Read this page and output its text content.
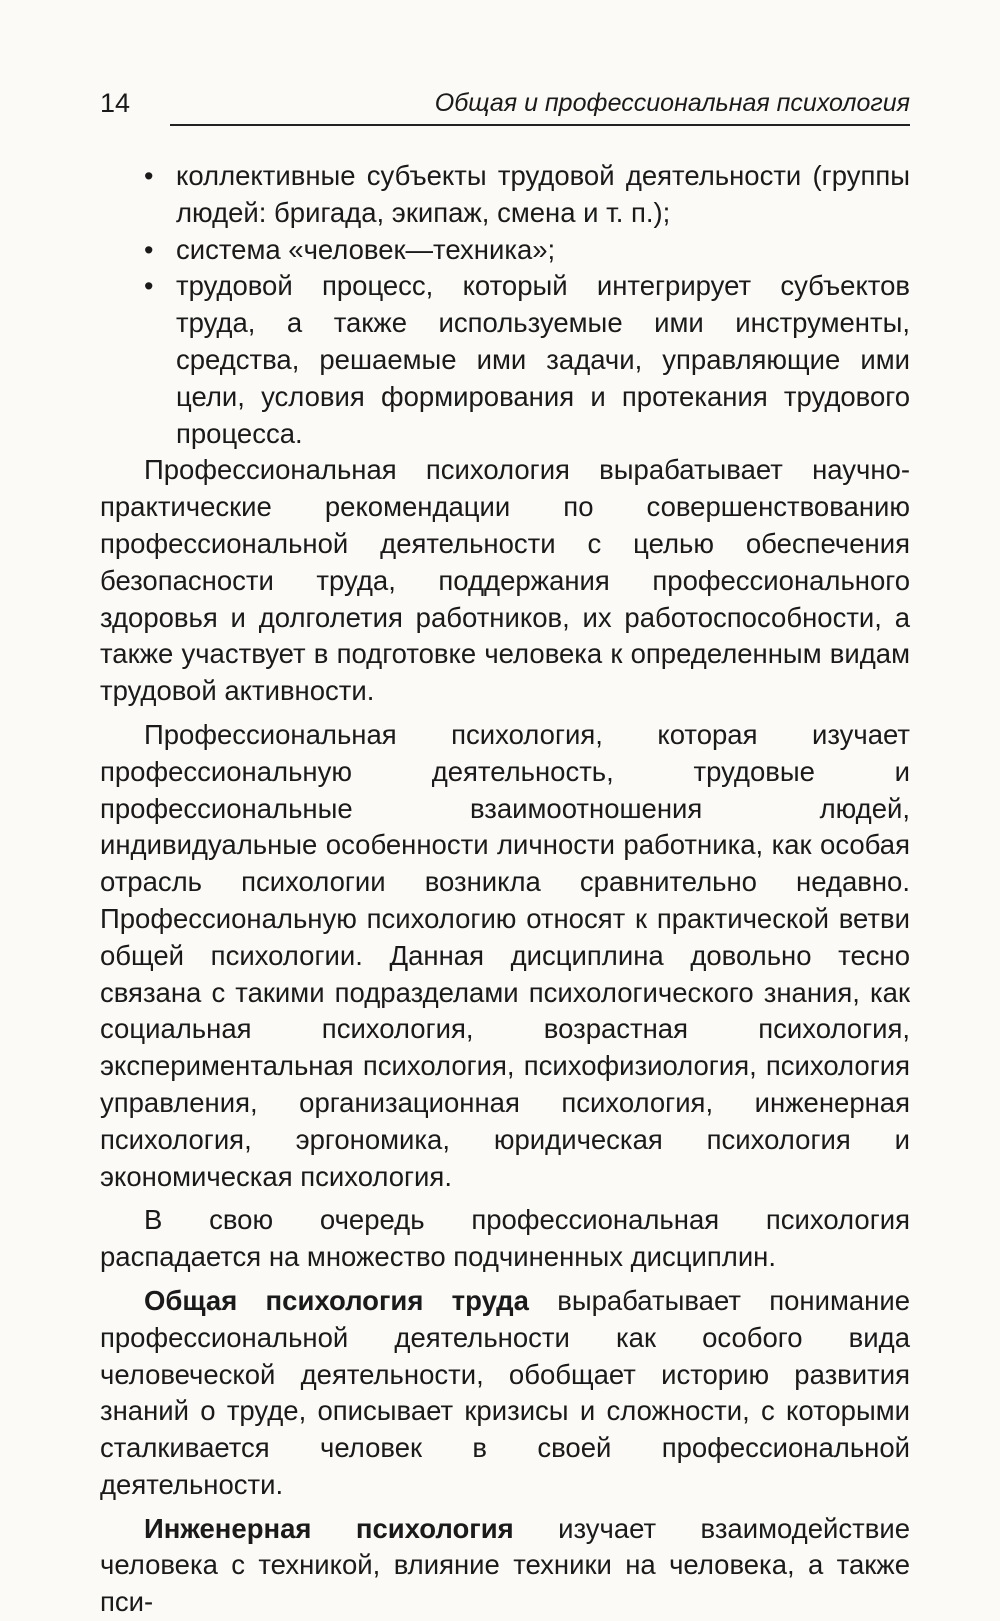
14	Общая и профессиональная психология
• коллективные субъекты трудовой деятельности (группы людей: бригада, экипаж, смена и т. п.);
• система «человек—техника»;
• трудовой процесс, который интегрирует субъектов труда, а также используемые ими инструменты, средства, решаемые ими задачи, управляющие ими цели, условия формирования и протекания трудового процесса.

Профессиональная психология вырабатывает научно-практические рекомендации по совершенствованию профессиональной деятельности с целью обеспечения безопасности труда, поддержания профессионального здоровья и долголетия работников, их работоспособности, а также участвует в подготовке человека к определенным видам трудовой активности.

Профессиональная психология, которая изучает профессиональную деятельность, трудовые и профессиональные взаимоотношения людей, индивидуальные особенности личности работника, как особая отрасль психологии возникла сравнительно недавно. Профессиональную психологию относят к практической ветви общей психологии. Данная дисциплина довольно тесно связана с такими подразделами психологического знания, как социальная психология, возрастная психология, экспериментальная психология, психофизиология, психология управления, организационная психология, инженерная психология, эргономика, юридическая психология и экономическая психология.

В свою очередь профессиональная психология распадается на множество подчиненных дисциплин.

Общая психология труда вырабатывает понимание профессиональной деятельности как особого вида человеческой деятельности, обобщает историю развития знаний о труде, описывает кризисы и сложности, с которыми сталкивается человек в своей профессиональной деятельности.

Инженерная психология изучает взаимодействие человека с техникой, влияние техники на человека, а также пси-
